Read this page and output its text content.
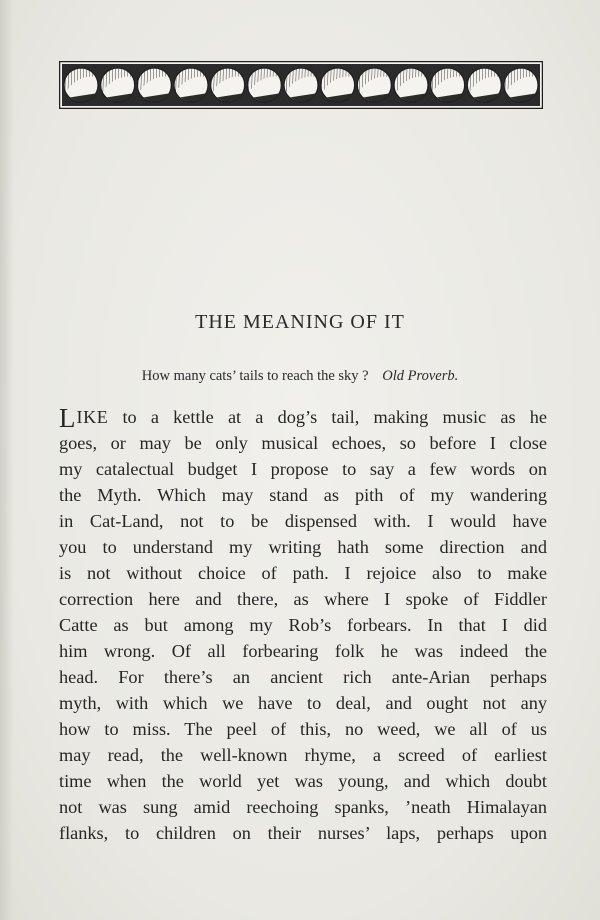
THE MEANING OF IT
How many cats’ tails to reach the sky ? Old Proverb.
LIKE to a kettle at a dog’s tail, making music as he
goes, or may be only musical echoes, so before I close
my catalectual budget I propose to say a few words on
the Myth. Which may stand as pith of my wandering
in Cat-Land, not to be dispensed with. I would have
you to understand my writing hath some direction and
is not without choice of path. I rejoice also to make
correction here and there, as where I spoke of Fiddler
Catte as but among my Rob’s forbears. In that I did
him wrong. Of all forbearing folk he was indeed the
head. For there’s an ancient rich ante-Arian perhaps
myth, with which we have to deal, and ought not any
how to miss. The peel of this, no weed, we all of us
may read, the well-known rhyme, a screed of earliest
time when the world yet was young, and which doubt
not was sung amid reechoing spanks, ’neath Himalayan
flanks, to children on their nurses’ laps, perhaps upon
